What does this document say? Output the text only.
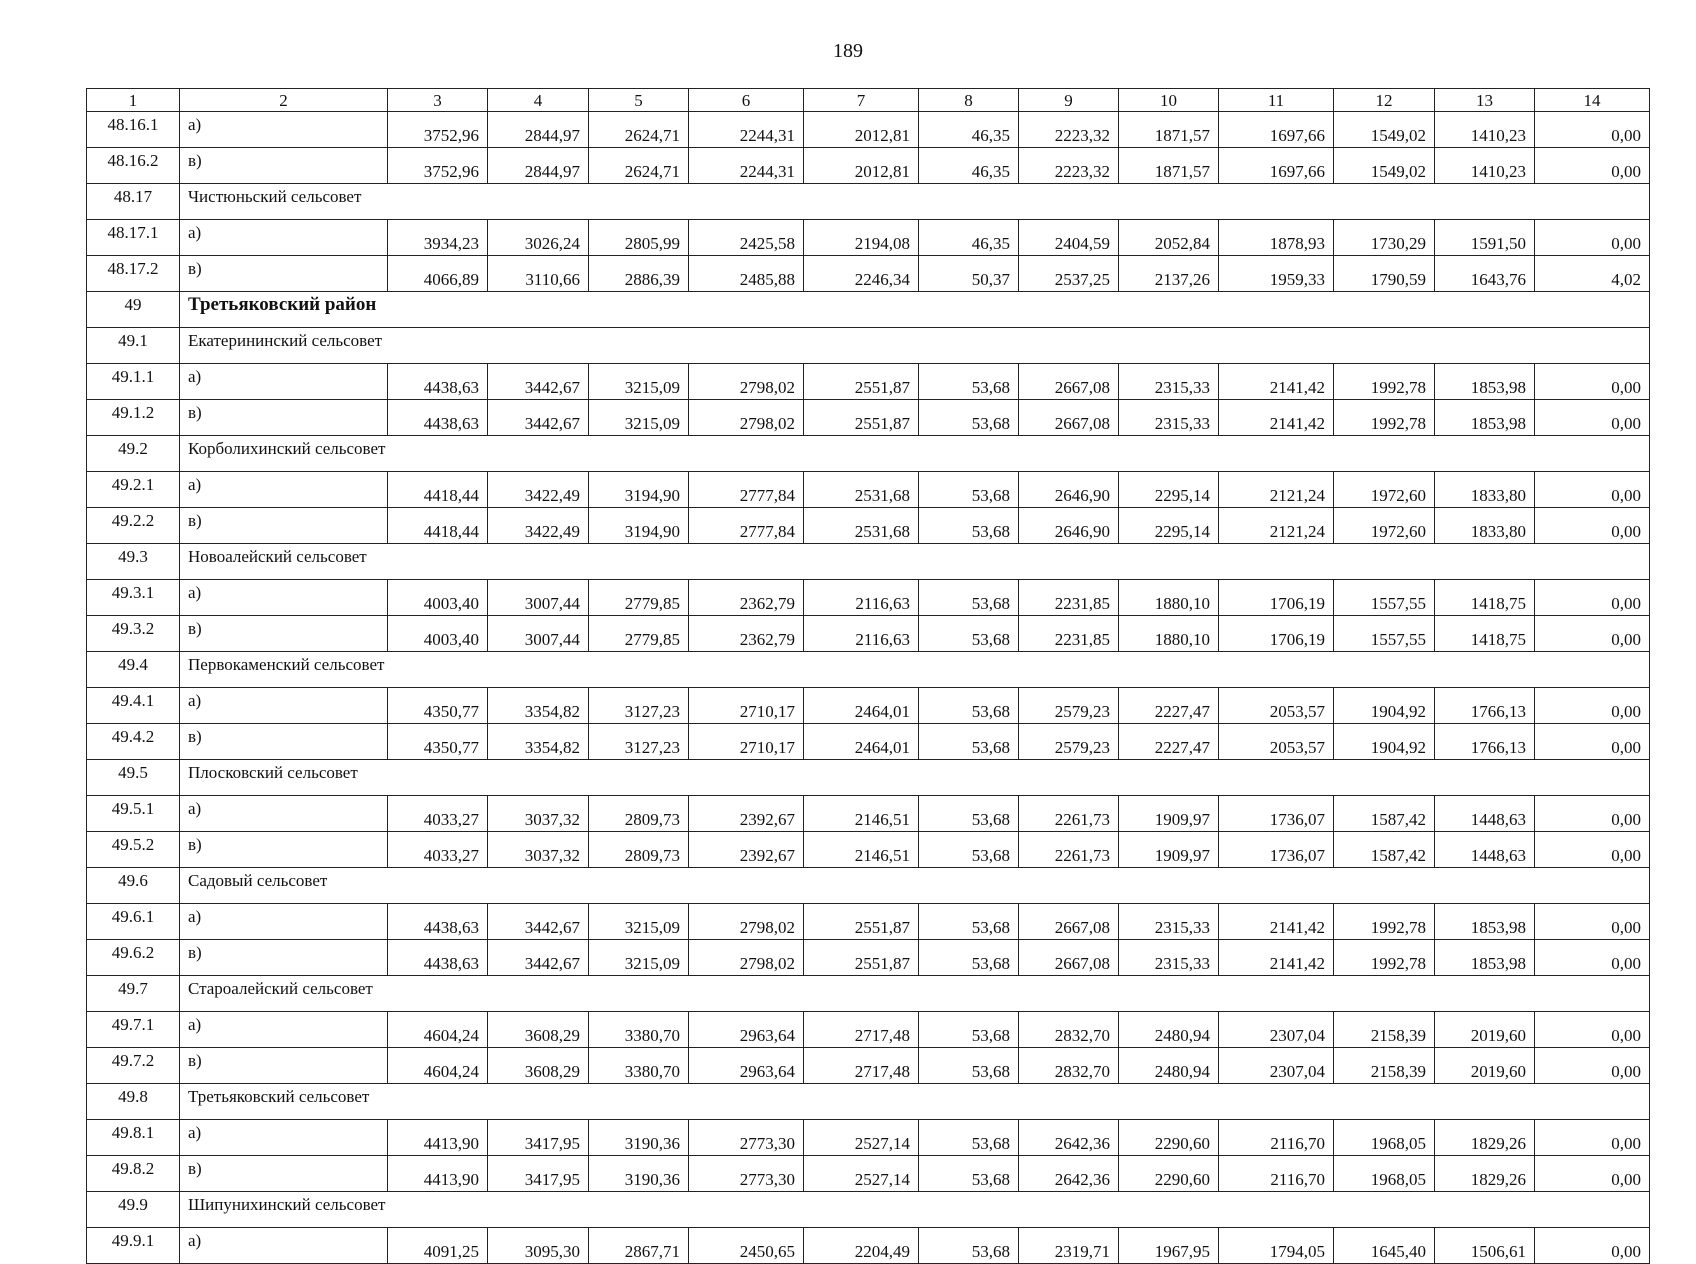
189
1	2	3	4	5	6	7	8	9	10	11	12	13	14
48.16.1	а)	3752,96	2844,97	2624,71	2244,31	2012,81	46,35	2223,32	1871,57	1697,66	1549,02	1410,23	0,00
48.16.2	в)	3752,96	2844,97	2624,71	2244,31	2012,81	46,35	2223,32	1871,57	1697,66	1549,02	1410,23	0,00
48.17	Чистюньский сельсовет												
48.17.1	а)	3934,23	3026,24	2805,99	2425,58	2194,08	46,35	2404,59	2052,84	1878,93	1730,29	1591,50	0,00
48.17.2	в)	4066,89	3110,66	2886,39	2485,88	2246,34	50,37	2537,25	2137,26	1959,33	1790,59	1643,76	4,02
49	Третьяковский район												
49.1	Екатерининский сельсовет												
49.1.1	а)	4438,63	3442,67	3215,09	2798,02	2551,87	53,68	2667,08	2315,33	2141,42	1992,78	1853,98	0,00
49.1.2	в)	4438,63	3442,67	3215,09	2798,02	2551,87	53,68	2667,08	2315,33	2141,42	1992,78	1853,98	0,00
49.2	Корболихинский сельсовет												
49.2.1	а)	4418,44	3422,49	3194,90	2777,84	2531,68	53,68	2646,90	2295,14	2121,24	1972,60	1833,80	0,00
49.2.2	в)	4418,44	3422,49	3194,90	2777,84	2531,68	53,68	2646,90	2295,14	2121,24	1972,60	1833,80	0,00
49.3	Новоалейский сельсовет												
49.3.1	а)	4003,40	3007,44	2779,85	2362,79	2116,63	53,68	2231,85	1880,10	1706,19	1557,55	1418,75	0,00
49.3.2	в)	4003,40	3007,44	2779,85	2362,79	2116,63	53,68	2231,85	1880,10	1706,19	1557,55	1418,75	0,00
49.4	Первокаменский сельсовет												
49.4.1	а)	4350,77	3354,82	3127,23	2710,17	2464,01	53,68	2579,23	2227,47	2053,57	1904,92	1766,13	0,00
49.4.2	в)	4350,77	3354,82	3127,23	2710,17	2464,01	53,68	2579,23	2227,47	2053,57	1904,92	1766,13	0,00
49.5	Плосковский сельсовет												
49.5.1	а)	4033,27	3037,32	2809,73	2392,67	2146,51	53,68	2261,73	1909,97	1736,07	1587,42	1448,63	0,00
49.5.2	в)	4033,27	3037,32	2809,73	2392,67	2146,51	53,68	2261,73	1909,97	1736,07	1587,42	1448,63	0,00
49.6	Садовый сельсовет												
49.6.1	а)	4438,63	3442,67	3215,09	2798,02	2551,87	53,68	2667,08	2315,33	2141,42	1992,78	1853,98	0,00
49.6.2	в)	4438,63	3442,67	3215,09	2798,02	2551,87	53,68	2667,08	2315,33	2141,42	1992,78	1853,98	0,00
49.7	Староалейский сельсовет												
49.7.1	а)	4604,24	3608,29	3380,70	2963,64	2717,48	53,68	2832,70	2480,94	2307,04	2158,39	2019,60	0,00
49.7.2	в)	4604,24	3608,29	3380,70	2963,64	2717,48	53,68	2832,70	2480,94	2307,04	2158,39	2019,60	0,00
49.8	Третьяковский сельсовет												
49.8.1	а)	4413,90	3417,95	3190,36	2773,30	2527,14	53,68	2642,36	2290,60	2116,70	1968,05	1829,26	0,00
49.8.2	в)	4413,90	3417,95	3190,36	2773,30	2527,14	53,68	2642,36	2290,60	2116,70	1968,05	1829,26	0,00
49.9	Шипунихинский сельсовет												
49.9.1	а)	4091,25	3095,30	2867,71	2450,65	2204,49	53,68	2319,71	1967,95	1794,05	1645,40	1506,61	0,00
